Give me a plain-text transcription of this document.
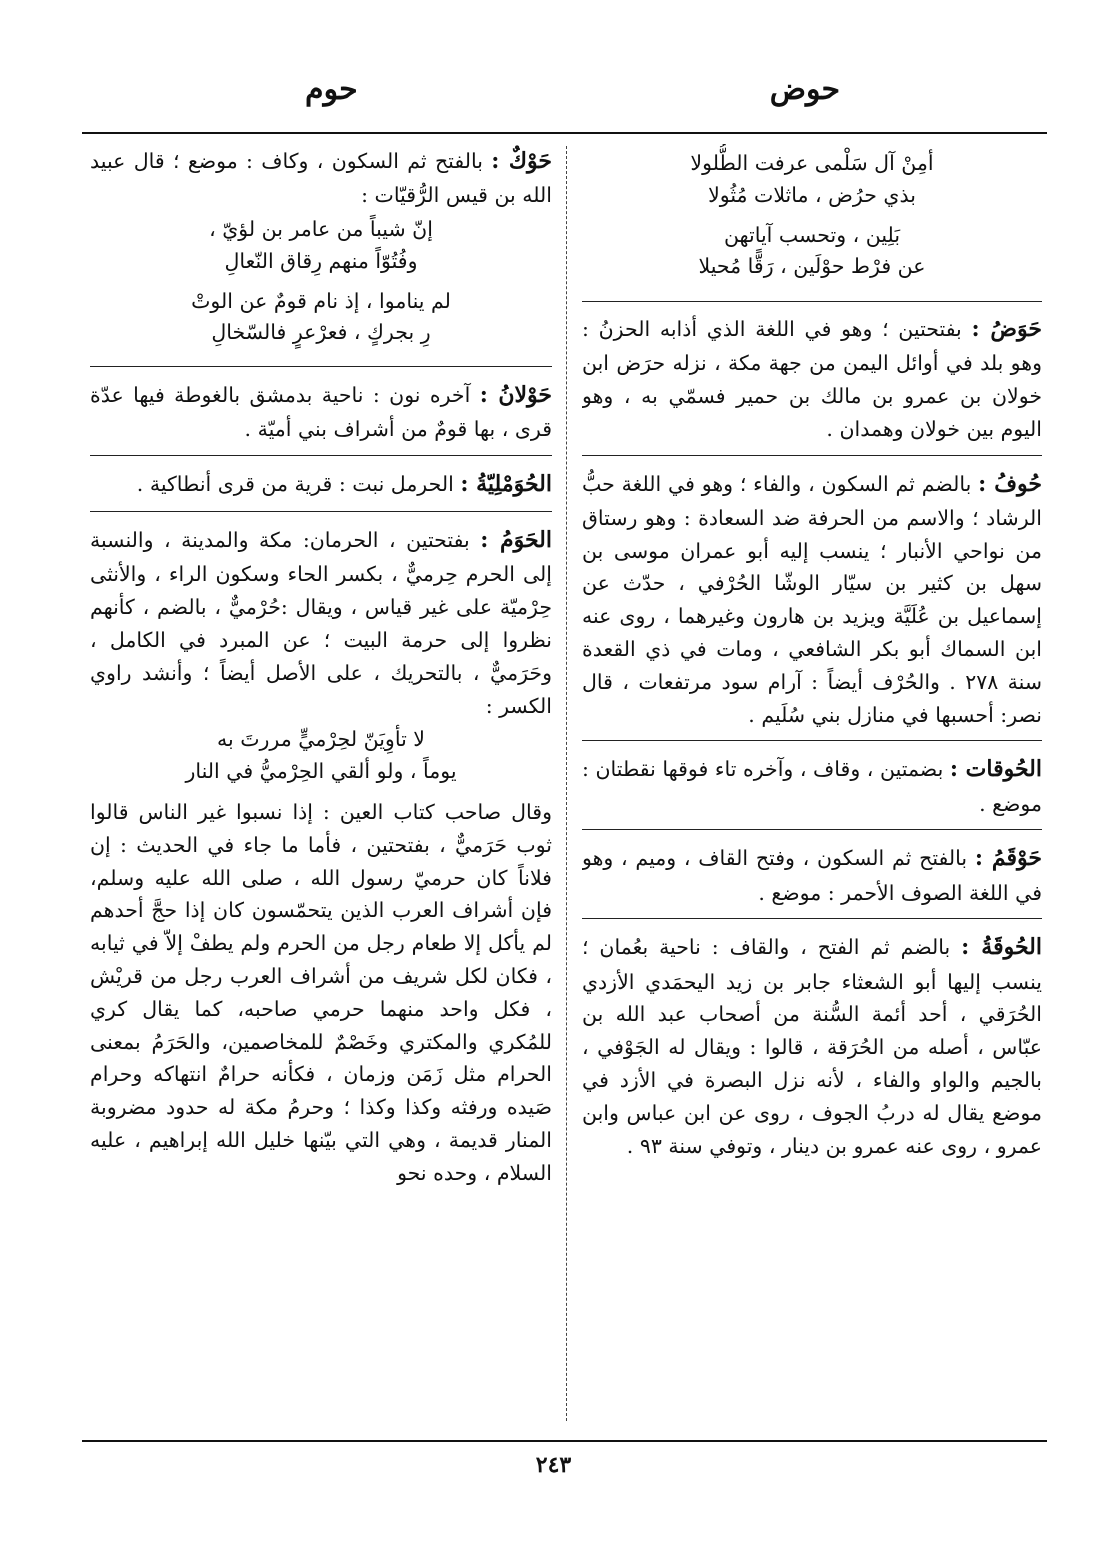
حوض
حوم
أمِنْ آل سَلْمى عرفت الطُّلولا
بذي حرُض ، ماثلات مُثُولا
بَلِين ، وتحسب آياتهن
عن فرْط حوْلَين ، رَقًّا مُحيلا

حَوَضُ : بفتحتين ؛ وهو في اللغة الذي أذابه الحزنُ : وهو بلد في أوائل اليمن من جهة مكة ، نزله حرَض ابن خولان بن عمرو بن مالك بن حمير فسمّي به ، وهو اليوم بين خولان وهمدان .

حُوفُ : بالضم ثم السكون ، والفاء ؛ وهو في اللغة حبُّ الرشاد ؛ والاسم من الحرفة ضد السعادة : وهو رستاق من نواحي الأنبار ؛ ينسب إليه أبو عمران موسى بن سهل بن كثير بن سيّار الوشّا الحُرْفي ، حدّث عن إسماعيل بن عُلَيَّة ويزيد بن هارون وغيرهما ، روى عنه ابن السماك أبو بكر الشافعي ، ومات في ذي القعدة سنة ٢٧٨ . والحُرْف أيضاً : آرام سود مرتفعات ، قال نصر: أحسبها في منازل بني سُلَيم .

الحُوقات : بضمتين ، وقاف ، وآخره تاء فوقها نقطتان : موضع .

حَوْقَمُ : بالفتح ثم السكون ، وفتح القاف ، وميم ، وهو في اللغة الصوف الأحمر : موضع .

الحُوقَةُ : بالضم ثم الفتح ، والقاف : ناحية بعُمان ؛ ينسب إليها أبو الشعثاء جابر بن زيد اليحمَدي الأزدي الحُرَقي ، أحد أئمة السُّنة من أصحاب عبد الله بن عبّاس ، أصله من الحُرَقة ، قالوا : ويقال له الجَوْفي ، بالجيم والواو والفاء ، لأنه نزل البصرة في الأزد في موضع يقال له دربُ الجوف ، روى عن ابن عباس وابن عمرو ، روى عنه عمرو بن دينار ، وتوفي سنة ٩٣ .

حَوْكٌ : بالفتح ثم السكون ، وكاف : موضع ؛ قال عبيد الله بن قيس الرُّقيّات :

إنّ شيباً من عامر بن لؤيّ ،
وفُتُوّاً منهم رِقاق النّعالِ
لم يناموا ، إذ نام قومٌ عن الوتْ
رِ بجركٍ ، فعرْعرٍ فالسّخالِ

حَوْلانُ : آخره نون : ناحية بدمشق بالغوطة فيها عدّة قرى ، بها قومٌ من أشراف بني أميّة .

الحُوَمْلِيّةُ : الحرمل نبت : قرية من قرى أنطاكية .

الحَوَمُ : بفتحتين ، الحرمان: مكة والمدينة ، والنسبة إلى الحرم حِرميٌّ ، بكسر الحاء وسكون الراء ، والأنثى حِرْميّة على غير قياس ، ويقال :حُرْميٌّ ، بالضم ، كأنهم نظروا إلى حرمة البيت ؛ عن المبرد في الكامل ، وحَرَميٌّ ، بالتحريك ، على الأصل أيضاً ؛ وأنشد راوي الكسر :

لا تأوِيَنّ لحِرْميٍّ مررتَ به
يوماً ، ولو ألقي الحِرْميُّ في النار

وقال صاحب كتاب العين : إذا نسبوا غير الناس قالوا ثوب حَرَميٌّ ، بفتحتين ، فأما ما جاء في الحديث : إن فلاناً كان حرميّ رسول الله ، صلى الله عليه وسلم، فإن أشراف العرب الذين يتحمّسون كان إذا حجَّ أحدهم لم يأكل إلا طعام رجل من الحرم ولم يطفْ إلاّ في ثيابه ، فكان لكل شريف من أشراف العرب رجل من قريْش ، فكل واحد منهما حرمي صاحبه، كما يقال كري للمُكري والمكتري وخَصْمٌ للمخاصمين، والحَرَمُ بمعنى الحرام مثل زَمَن وزمان ، فكأنه حرامٌ انتهاكه وحرام صَيده ورفثه وكذا وكذا ؛ وحرمُ مكة له حدود مضروبة المنار قديمة ، وهي التي بيّنها خليل الله إبراهيم ، عليه السلام ، وحده نحو

٢٤٣
